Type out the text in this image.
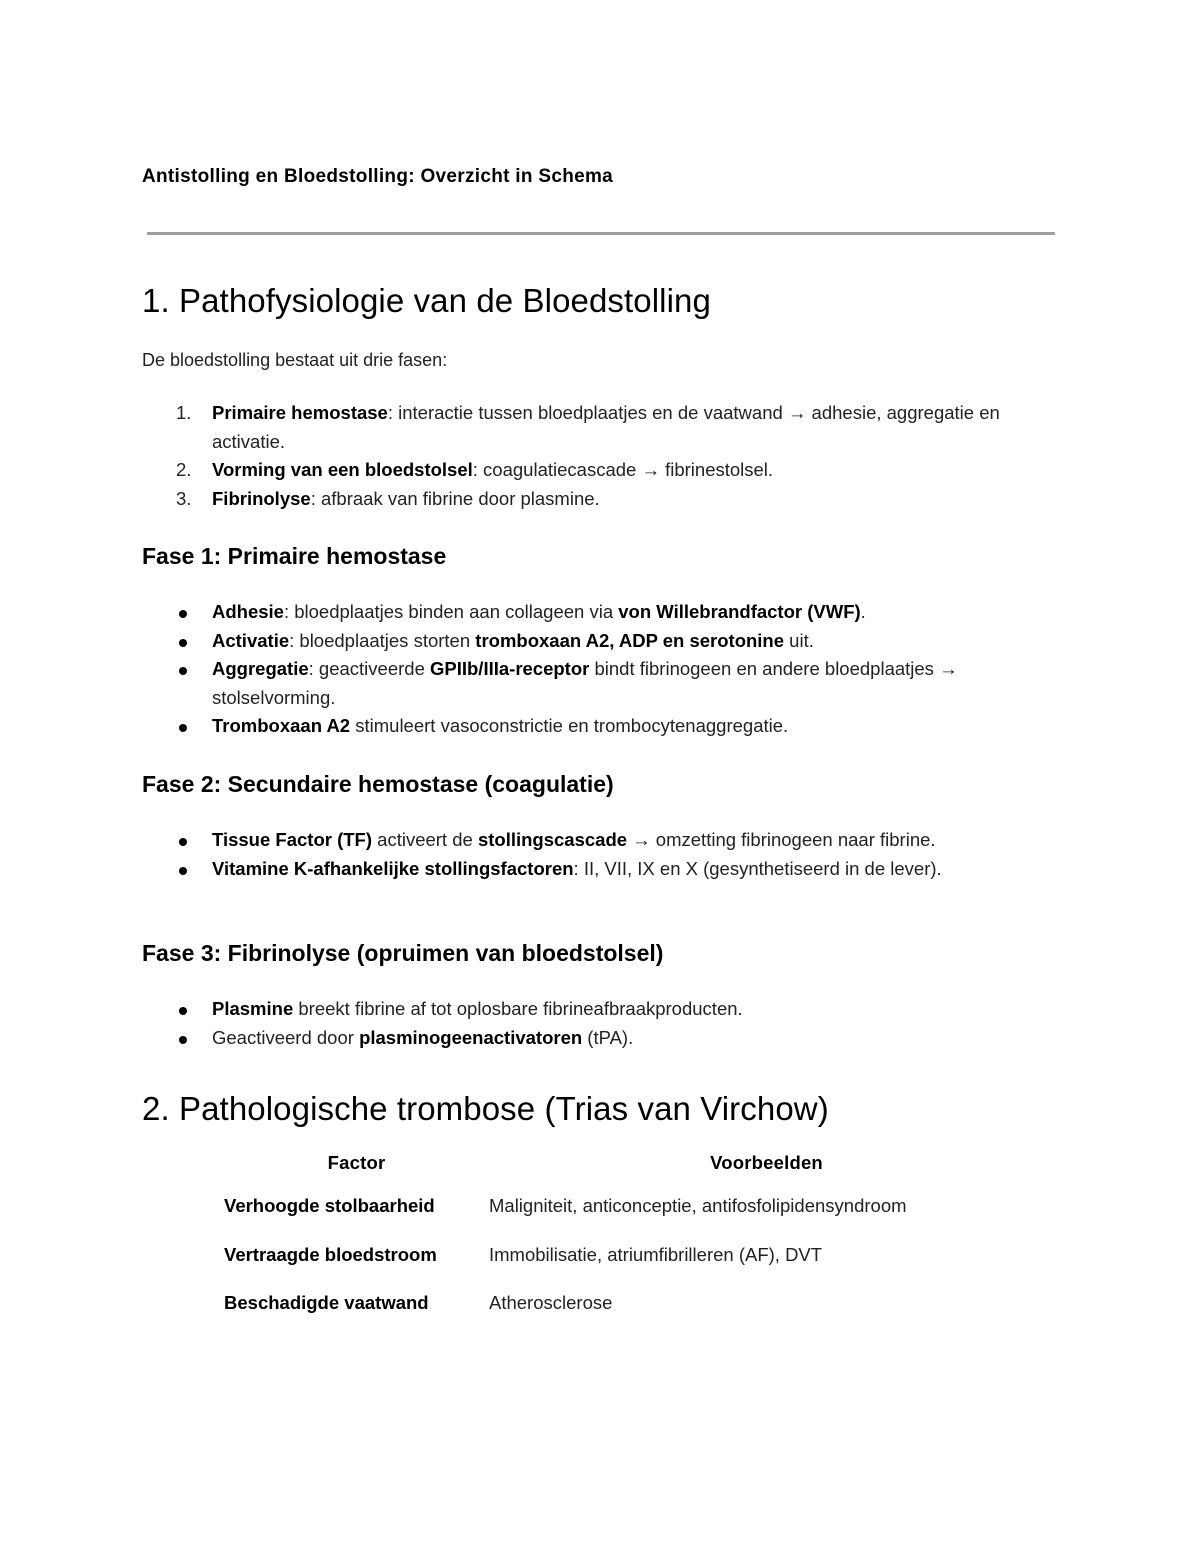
Antistolling en Bloedstolling: Overzicht in Schema

1. Pathofysiologie van de Bloedstolling

De bloedstolling bestaat uit drie fasen:

1. Primaire hemostase: interactie tussen bloedplaatjes en de vaatwand → adhesie, aggregatie en activatie.
2. Vorming van een bloedstolsel: coagulatiecascade → fibrinestolsel.
3. Fibrinolyse: afbraak van fibrine door plasmine.
Fase 1: Primaire hemostase
Adhesie: bloedplaatjes binden aan collageen via von Willebrandfactor (VWF).
Activatie: bloedplaatjes storten tromboxaan A2, ADP en serotonine uit.
Aggregatie: geactiveerde GPIIb/IIIa-receptor bindt fibrinogeen en andere bloedplaatjes → stolselvorming.
Tromboxaan A2 stimuleert vasoconstrictie en trombocytenaggregatie.
Fase 2: Secundaire hemostase (coagulatie)
Tissue Factor (TF) activeert de stollingscascade → omzetting fibrinogeen naar fibrine.
Vitamine K-afhankelijke stollingsfactoren: II, VII, IX en X (gesynthetiseerd in de lever).
Fase 3: Fibrinolyse (opruimen van bloedstolsel)
Plasmine breekt fibrine af tot oplosbare fibrineafbraakproducten.
Geactiveerd door plasminogeenactivatoren (tPA).
2. Pathologische trombose (Trias van Virchow)
Factor	Voorbeelden
Verhoogde stolbaarheid	Maligniteit, anticonceptie, antifosfolipidensyndroom
Vertraagde bloedstroom	Immobilisatie, atriumfibrilleren (AF), DVT
Beschadigde vaatwand	Atherosclerose
